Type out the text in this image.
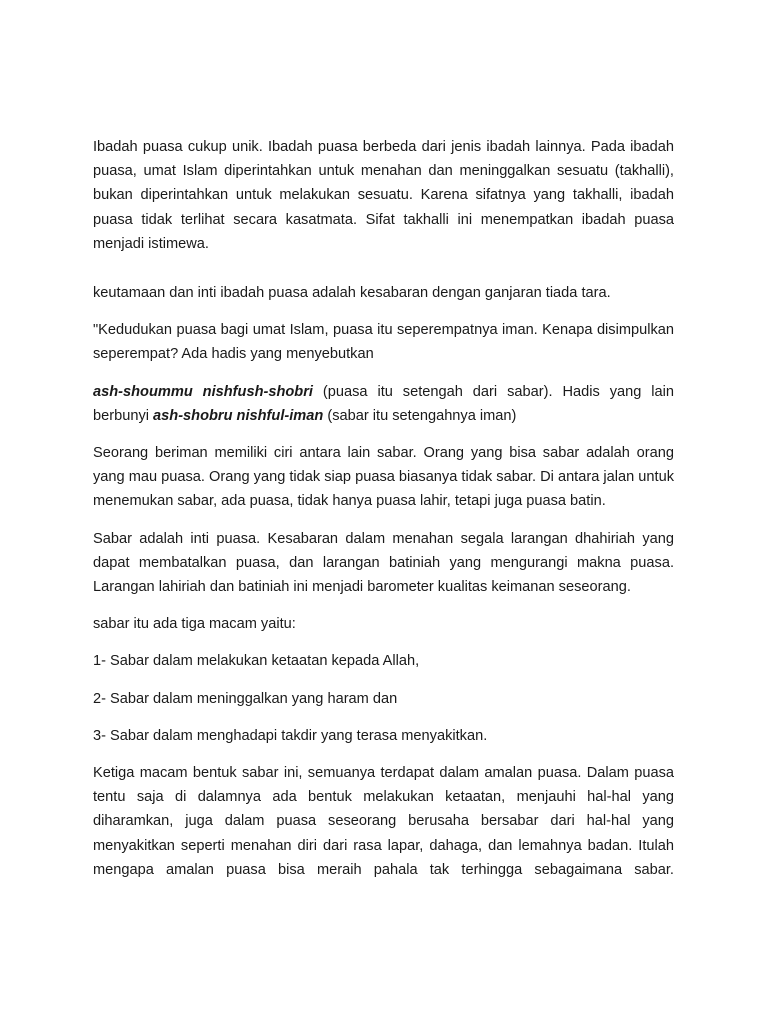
Ibadah puasa cukup unik. Ibadah puasa berbeda dari jenis ibadah lainnya. Pada ibadah puasa, umat Islam diperintahkan untuk menahan dan meninggalkan sesuatu (takhalli), bukan diperintahkan untuk melakukan sesuatu. Karena sifatnya yang takhalli, ibadah puasa tidak terlihat secara kasatmata. Sifat takhalli ini menempatkan ibadah puasa menjadi istimewa.

keutamaan dan inti ibadah puasa adalah kesabaran dengan ganjaran tiada tara.

"Kedudukan puasa bagi umat Islam, puasa itu seperempatnya iman. Kenapa disimpulkan seperempat? Ada hadis yang menyebutkan

ash-shoummu nishfush-shobri (puasa itu setengah dari sabar). Hadis yang lain berbunyi ash-shobru nishful-iman (sabar itu setengahnya iman)

Seorang beriman memiliki ciri antara lain sabar. Orang yang bisa sabar adalah orang yang mau puasa. Orang yang tidak siap puasa biasanya tidak sabar. Di antara jalan untuk menemukan sabar, ada puasa, tidak hanya puasa lahir, tetapi juga puasa batin.

Sabar adalah inti puasa. Kesabaran dalam menahan segala larangan dhahiriah yang dapat membatalkan puasa, dan larangan batiniah yang mengurangi makna puasa. Larangan lahiriah dan batiniah ini menjadi barometer kualitas keimanan seseorang.

sabar itu ada tiga macam yaitu:

1- Sabar dalam melakukan ketaatan kepada Allah,

2- Sabar dalam meninggalkan yang haram dan

3- Sabar dalam menghadapi takdir yang terasa menyakitkan.

Ketiga macam bentuk sabar ini, semuanya terdapat dalam amalan puasa. Dalam puasa tentu saja di dalamnya ada bentuk melakukan ketaatan, menjauhi hal-hal yang diharamkan, juga dalam puasa seseorang berusaha bersabar dari hal-hal yang menyakitkan seperti menahan diri dari rasa lapar, dahaga, dan lemahnya badan. Itulah mengapa amalan puasa bisa meraih pahala tak terhingga sebagaimana sabar.
